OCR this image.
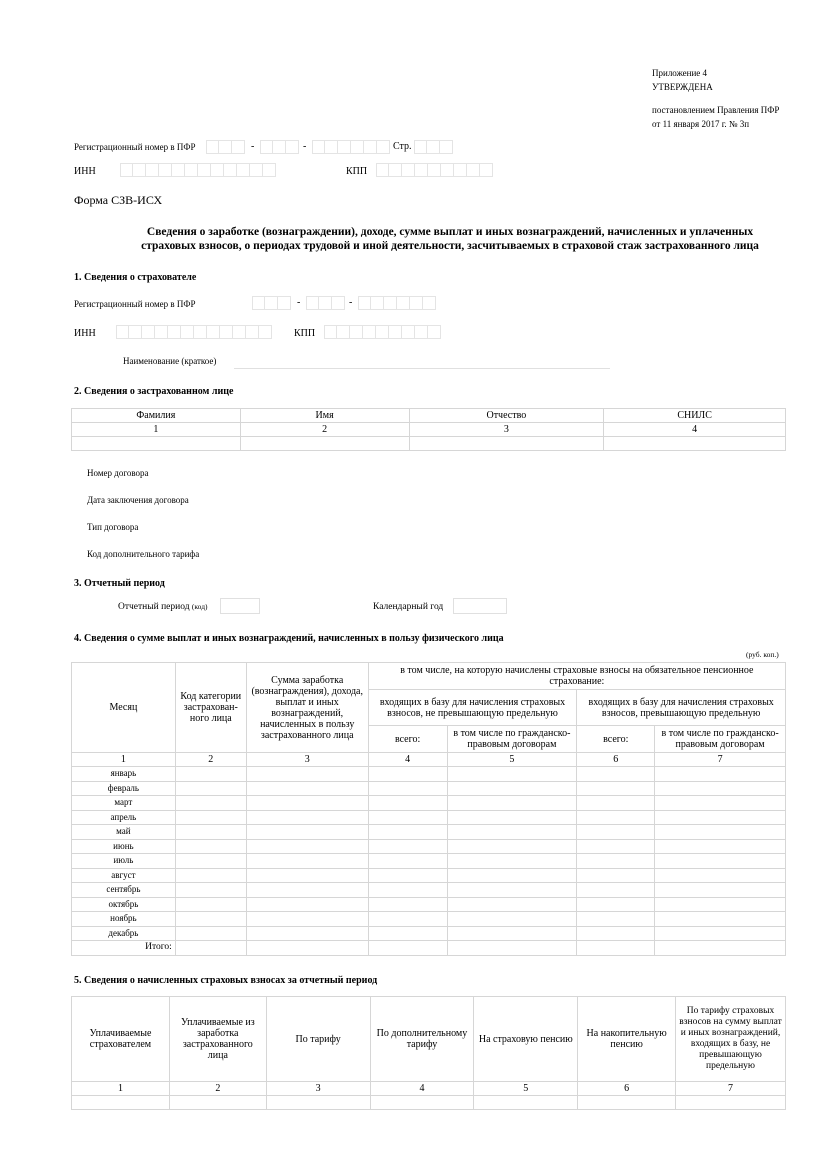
Приложение 4
УТВЕРЖДЕНА
постановлением Правления ПФР
от 11 января 2017 г. № 3п
Регистрационный номер в ПФР	-	-	Стр.
ИНН	КПП
Форма СЗВ-ИСХ
Сведения о заработке (вознаграждении), доходе, сумме выплат и иных вознаграждений, начисленных и уплаченных
страховых взносов, о периодах трудовой и иной деятельности, засчитываемых в страховой стаж застрахованного лица
1. Сведения о страхователе
Регистрационный номер в ПФР	-	-
ИНН	КПП
Наименование (краткое)
2. Сведения о застрахованном лице
Фамилия	Имя	Отчество	СНИЛС
1	2	3	4

Номер договора
Дата заключения договора
Тип договора
Код дополнительного тарифа
3. Отчетный период
Отчетный период (код)	Календарный год
4. Сведения о сумме выплат и иных вознаграждений, начисленных в пользу физического лица
(руб. коп.)
Месяц	Код категории застрахован-ного лица	Сумма заработка (вознаграждения), дохода, выплат и иных вознаграждений, начисленных в пользу застрахованного лица	в том числе, на которую начислены страховые взносы на обязательное пенсионное страхование:			
			входящих в базу для начисления страховых взносов, не превышающую предельную		входящих в базу для начисления страховых взносов, превышающую предельную	
			всего:	в том числе по гражданско-правовым договорам	всего:	в том числе по гражданско-правовым договорам
1	2	3	4	5	6	7
январь						
февраль						
март						
апрель						
май						
июнь						
июль						
август						
сентябрь						
октябрь						
ноябрь						
декабрь						
Итого:						
5. Сведения о начисленных страховых взносах за отчетный период
Уплачиваемые страхователем	Уплачиваемые из заработка застрахованного лица	По тарифу	По дополнительному тарифу	На страховую пенсию	На накопительную пенсию	По тарифу страховых взносов на сумму выплат и иных вознаграждений, входящих в базу, не превышающую предельную
1	2	3	4	5	6	7
